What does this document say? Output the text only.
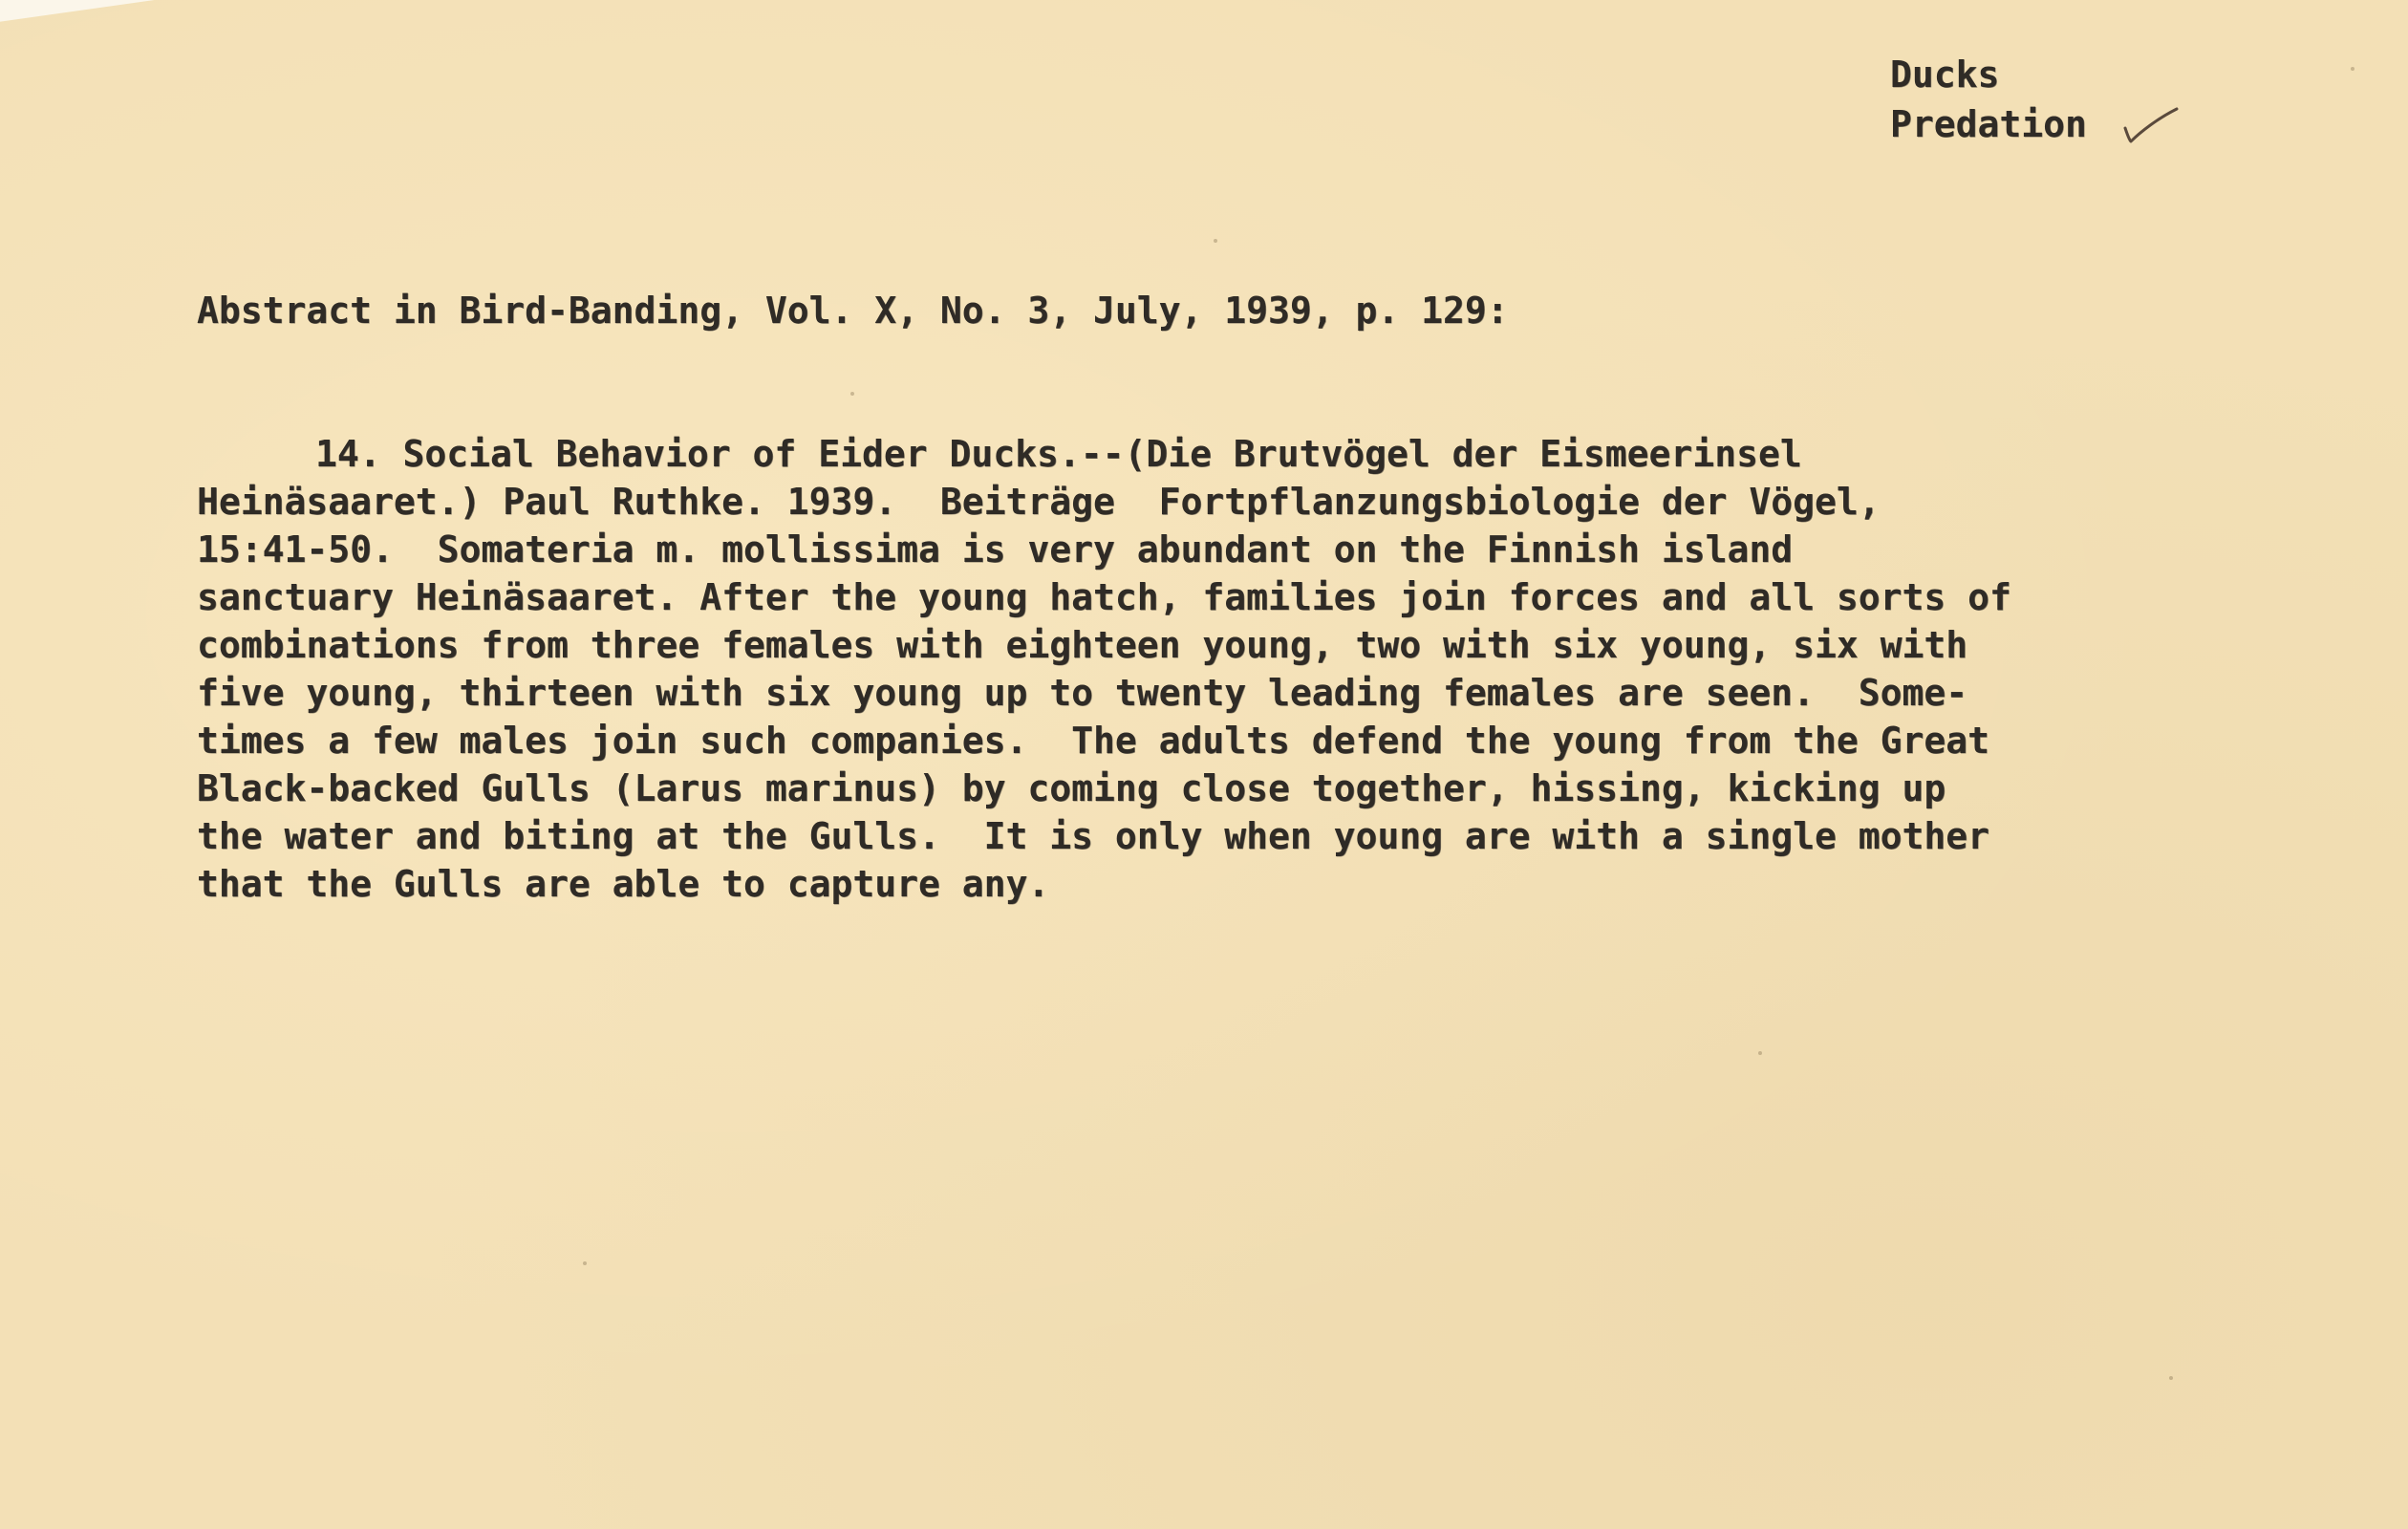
Ducks
Predation

Abstract in Bird-Banding, Vol. X, No. 3, July, 1939, p. 129:

14. Social Behavior of Eider Ducks.--(Die Brutvögel der Eismeerinsel
Heinäsaaret.) Paul Ruthke. 1939.  Beiträge  Fortpflanzungsbiologie der Vögel,
15:41-50.  Somateria m. mollissima is very abundant on the Finnish island
sanctuary Heinäsaaret. After the young hatch, families join forces and all sorts of
combinations from three females with eighteen young, two with six young, six with
five young, thirteen with six young up to twenty leading females are seen.  Some-
times a few males join such companies.  The adults defend the young from the Great
Black-backed Gulls (Larus marinus) by coming close together, hissing, kicking up
the water and biting at the Gulls.  It is only when young are with a single mother
that the Gulls are able to capture any.
